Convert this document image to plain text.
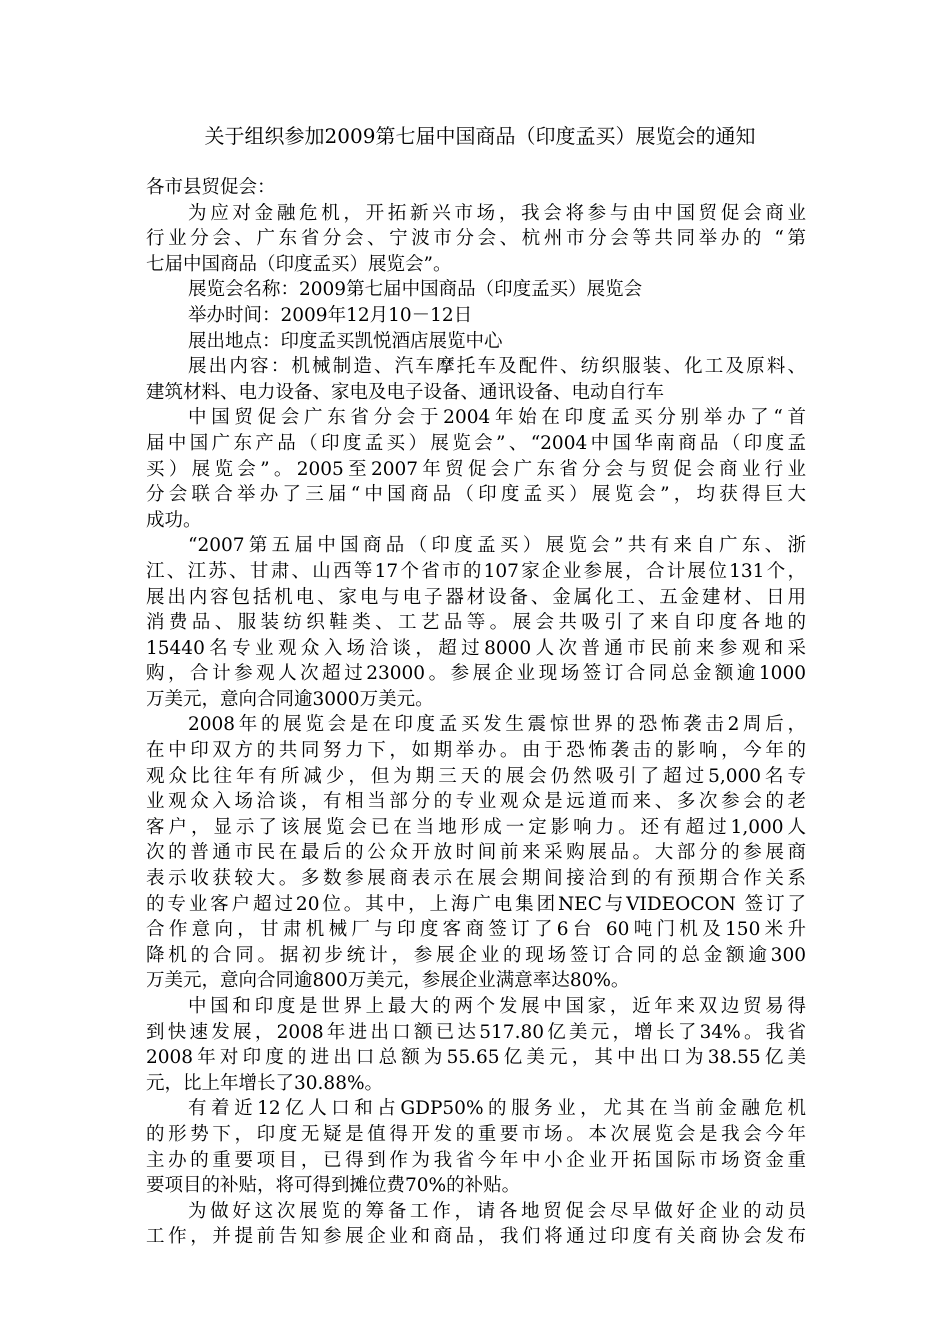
关于组织参加2009第七届中国商品（印度孟买）展览会的通知
各市县贸促会：
为应对金融危机，开拓新兴市场，我会将参与由中国贸促会商业
行业分会、广东省分会、宁波市分会、杭州市分会等共同举办的 “第
七届中国商品（印度孟买）展览会”。
展览会名称：2009第七届中国商品（印度孟买）展览会
举办时间：2009年12月10－12日
展出地点：印度孟买凯悦酒店展览中心
展出内容：机械制造、汽车摩托车及配件、纺织服装、化工及原料、
建筑材料、电力设备、家电及电子设备、通讯设备、电动自行车
中国贸促会广东省分会于2004年始在印度孟买分别举办了“首
届中国广东产品（印度孟买）展览会”、“2004中国华南商品（印度孟
买）展览会”。2005至2007年贸促会广东省分会与贸促会商业行业
分会联合举办了三届“中国商品（印度孟买）展览会”，均获得巨大
成功。
“2007第五届中国商品（印度孟买）展览会”共有来自广东、浙
江、江苏、甘肃、山西等17个省市的107家企业参展，合计展位131个，
展出内容包括机电、家电与电子器材设备、金属化工、五金建材、日用
消费品、服装纺织鞋类、工艺品等。展会共吸引了来自印度各地的
15440名专业观众入场洽谈，超过8000人次普通市民前来参观和采
购，合计参观人次超过23000。参展企业现场签订合同总金额逾1000
万美元，意向合同逾3000万美元。
2008年的展览会是在印度孟买发生震惊世界的恐怖袭击2周后，
在中印双方的共同努力下，如期举办。由于恐怖袭击的影响，今年的
观众比往年有所减少，但为期三天的展会仍然吸引了超过5,000名专
业观众入场洽谈，有相当部分的专业观众是远道而来、多次参会的老
客户，显示了该展览会已在当地形成一定影响力。还有超过1,000人
次的普通市民在最后的公众开放时间前来采购展品。大部分的参展商
表示收获较大。多数参展商表示在展会期间接洽到的有预期合作关系
的专业客户超过20位。其中，上海广电集团NEC与VIDEOCON 签订了
合作意向，甘肃机械厂与印度客商签订了6台 60吨门机及150米升
降机的合同。据初步统计，参展企业的现场签订合同的总金额逾300
万美元，意向合同逾800万美元，参展企业满意率达80%。
中国和印度是世界上最大的两个发展中国家，近年来双边贸易得
到快速发展，2008年进出口额已达517.80亿美元，增长了34%。我省
2008年对印度的进出口总额为55.65亿美元，其中出口为38.55亿美
元，比上年增长了30.88%。
有着近12亿人口和占GDP50%的服务业，尤其在当前金融危机
的形势下，印度无疑是值得开发的重要市场。本次展览会是我会今年
主办的重要项目，已得到作为我省今年中小企业开拓国际市场资金重
要项目的补贴，将可得到摊位费70%的补贴。
为做好这次展览的筹备工作，请各地贸促会尽早做好企业的动员
工作，并提前告知参展企业和商品，我们将通过印度有关商协会发布
